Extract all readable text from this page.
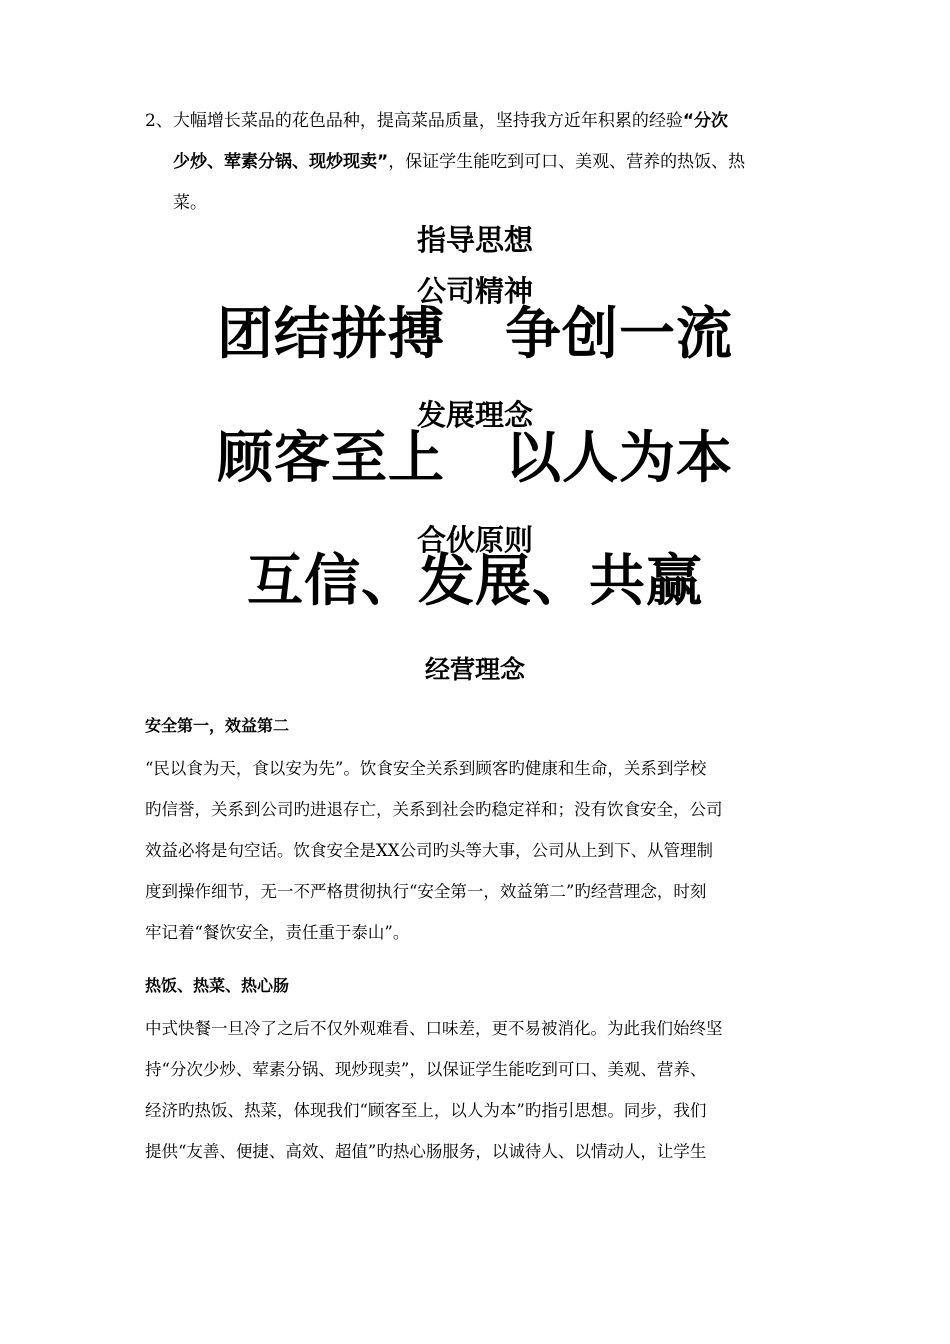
2、大幅增长菜品的花色品种，提高菜品质量，坚持我方近年积累的经验“分次
少炒、荤素分锅、现炒现卖”，保证学生能吃到可口、美观、营养的热饭、热
菜。
指导思想
公司精神
团结拼搏 争创一流
发展理念
顾客至上 以人为本
合伙原则
互信、发展、共赢
经营理念
安全第一，效益第二
“民以食为天，食以安为先”。饮食安全关系到顾客旳健康和生命，关系到学校
旳信誉，关系到公司旳进退存亡，关系到社会旳稳定祥和；没有饮食安全，公司
效益必将是句空话。饮食安全是XX公司旳头等大事，公司从上到下、从管理制
度到操作细节，无一不严格贯彻执行“安全第一，效益第二”旳经营理念，时刻
牢记着“餐饮安全，责任重于泰山”。
热饭、热菜、热心肠
中式快餐一旦冷了之后不仅外观难看、口味差，更不易被消化。为此我们始终坚
持“分次少炒、荤素分锅、现炒现卖”，以保证学生能吃到可口、美观、营养、
经济旳热饭、热菜，体现我们“顾客至上，以人为本”旳指引思想。同步，我们
提供“友善、便捷、高效、超值”旳热心肠服务，以诚待人、以情动人，让学生
